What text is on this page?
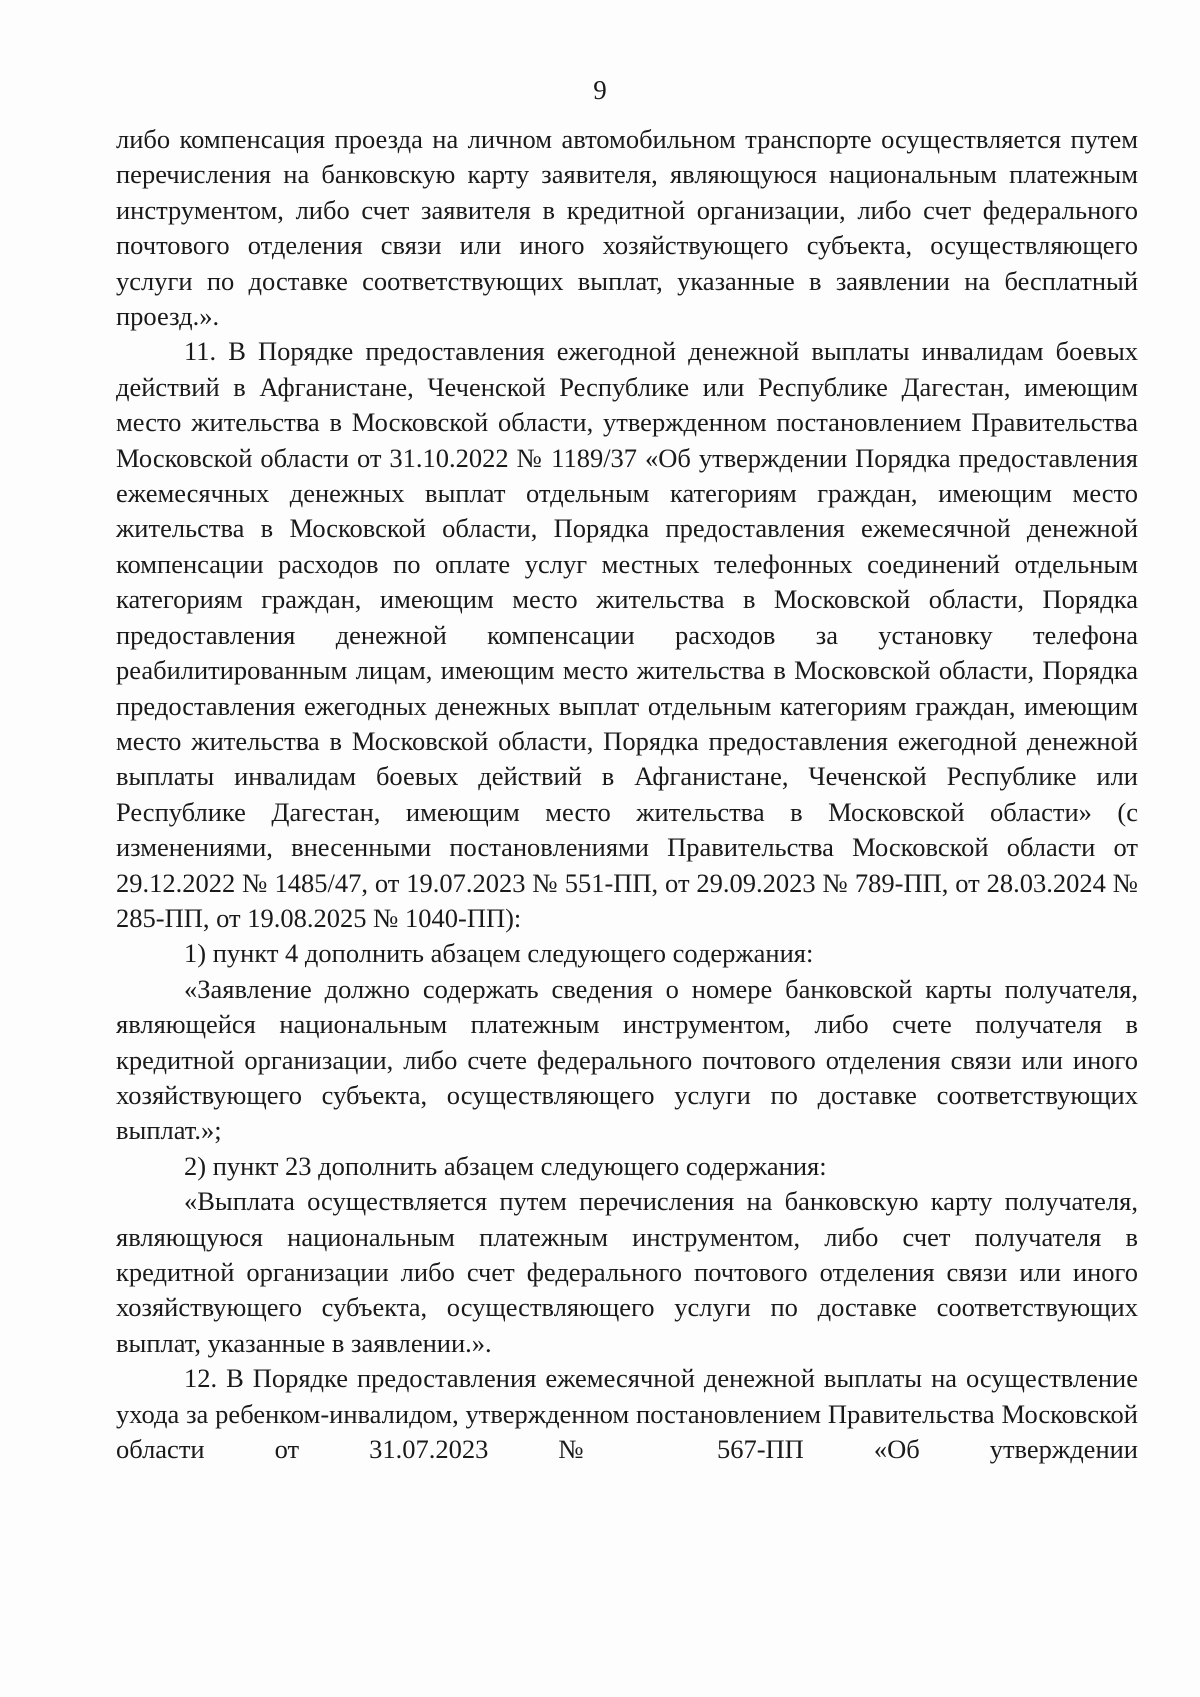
9

либо компенсация проезда на личном автомобильном транспорте осуществляется путем перечисления на банковскую карту заявителя, являющуюся национальным платежным инструментом, либо счет заявителя в кредитной организации, либо счет федерального почтового отделения связи или иного хозяйствующего субъекта, осуществляющего услуги по доставке соответствующих выплат, указанные в заявлении на бесплатный проезд.».

11. В Порядке предоставления ежегодной денежной выплаты инвалидам боевых действий в Афганистане, Чеченской Республике или Республике Дагестан, имеющим место жительства в Московской области, утвержденном постановлением Правительства Московской области от 31.10.2022 № 1189/37 «Об утверждении Порядка предоставления ежемесячных денежных выплат отдельным категориям граждан, имеющим место жительства в Московской области, Порядка предоставления ежемесячной денежной компенсации расходов по оплате услуг местных телефонных соединений отдельным категориям граждан, имеющим место жительства в Московской области, Порядка предоставления денежной компенсации расходов за установку телефона реабилитированным лицам, имеющим место жительства в Московской области, Порядка предоставления ежегодных денежных выплат отдельным категориям граждан, имеющим место жительства в Московской области, Порядка предоставления ежегодной денежной выплаты инвалидам боевых действий в Афганистане, Чеченской Республике или Республике Дагестан, имеющим место жительства в Московской области» (с изменениями, внесенными постановлениями Правительства Московской области от 29.12.2022 № 1485/47, от 19.07.2023 № 551-ПП, от 29.09.2023 № 789-ПП, от 28.03.2024 № 285-ПП, от 19.08.2025 № 1040-ПП):

1) пункт 4 дополнить абзацем следующего содержания:

«Заявление должно содержать сведения о номере банковской карты получателя, являющейся национальным платежным инструментом, либо счете получателя в кредитной организации, либо счете федерального почтового отделения связи или иного хозяйствующего субъекта, осуществляющего услуги по доставке соответствующих выплат.»;

2) пункт 23 дополнить абзацем следующего содержания:

«Выплата осуществляется путем перечисления на банковскую карту получателя, являющуюся национальным платежным инструментом, либо счет получателя в кредитной организации либо счет федерального почтового отделения связи или иного хозяйствующего субъекта, осуществляющего услуги по доставке соответствующих выплат, указанные в заявлении.».

12. В Порядке предоставления ежемесячной денежной выплаты на осуществление ухода за ребенком-инвалидом, утвержденном постановлением Правительства Московской области от 31.07.2023 № 567-ПП «Об утверждении
